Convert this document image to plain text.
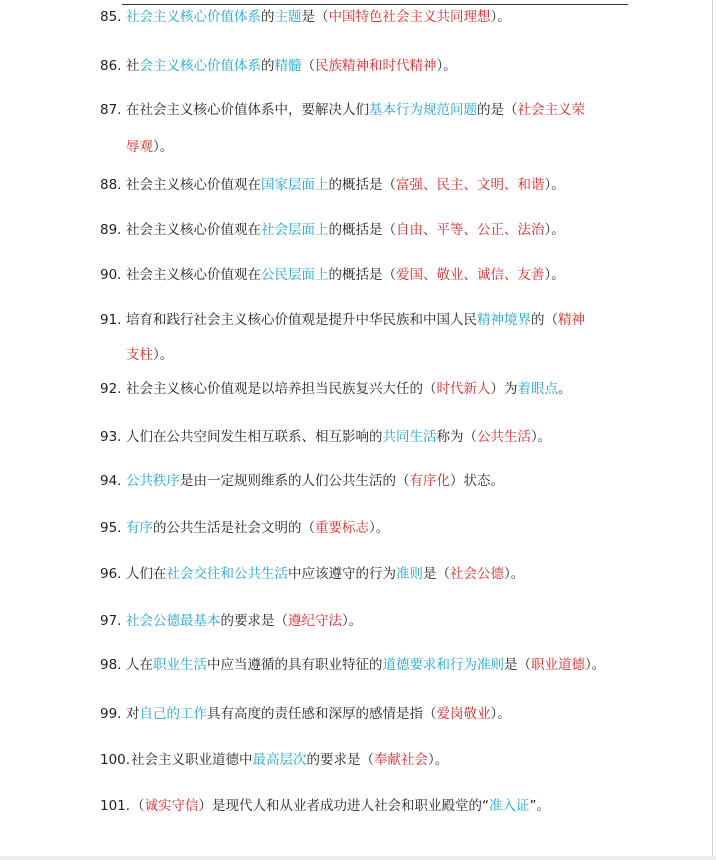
85. 社会主义核心价值体系的主题是（中国特色社会主义共同理想）。
86. 社会主义核心价值体系的精髓（民族精神和时代精神）。
87. 在社会主义核心价值体系中，要解决人们基本行为规范问题的是（社会主义荣
辱观）。
88. 社会主义核心价值观在国家层面上的概括是（富强、民主、文明、和谐）。
89. 社会主义核心价值观在社会层面上的概括是（自由、平等、公正、法治）。
90. 社会主义核心价值观在公民层面上的概括是（爱国、敬业、诚信、友善）。
91. 培育和践行社会主义核心价值观是提升中华民族和中国人民精神境界的（精神
支柱）。
92. 社会主义核心价值观是以培养担当民族复兴大任的（时代新人）为着眼点。
93. 人们在公共空间发生相互联系、相互影响的共同生活称为（公共生活）。
94. 公共秩序是由一定规则维系的人们公共生活的（有序化）状态。
95. 有序的公共生活是社会文明的（重要标志）。
96. 人们在社会交往和公共生活中应该遵守的行为准则是（社会公德）。
97. 社会公德最基本的要求是（遵纪守法）。
98. 人在职业生活中应当遵循的具有职业特征的道德要求和行为准则是（职业道德）。
99. 对自己的工作具有高度的责任感和深厚的感情是指（爱岗敬业）。
100.社会主义职业道德中最高层次的要求是（奉献社会）。
101.（诚实守信）是现代人和从业者成功进人社会和职业殿堂的“准入证”。
